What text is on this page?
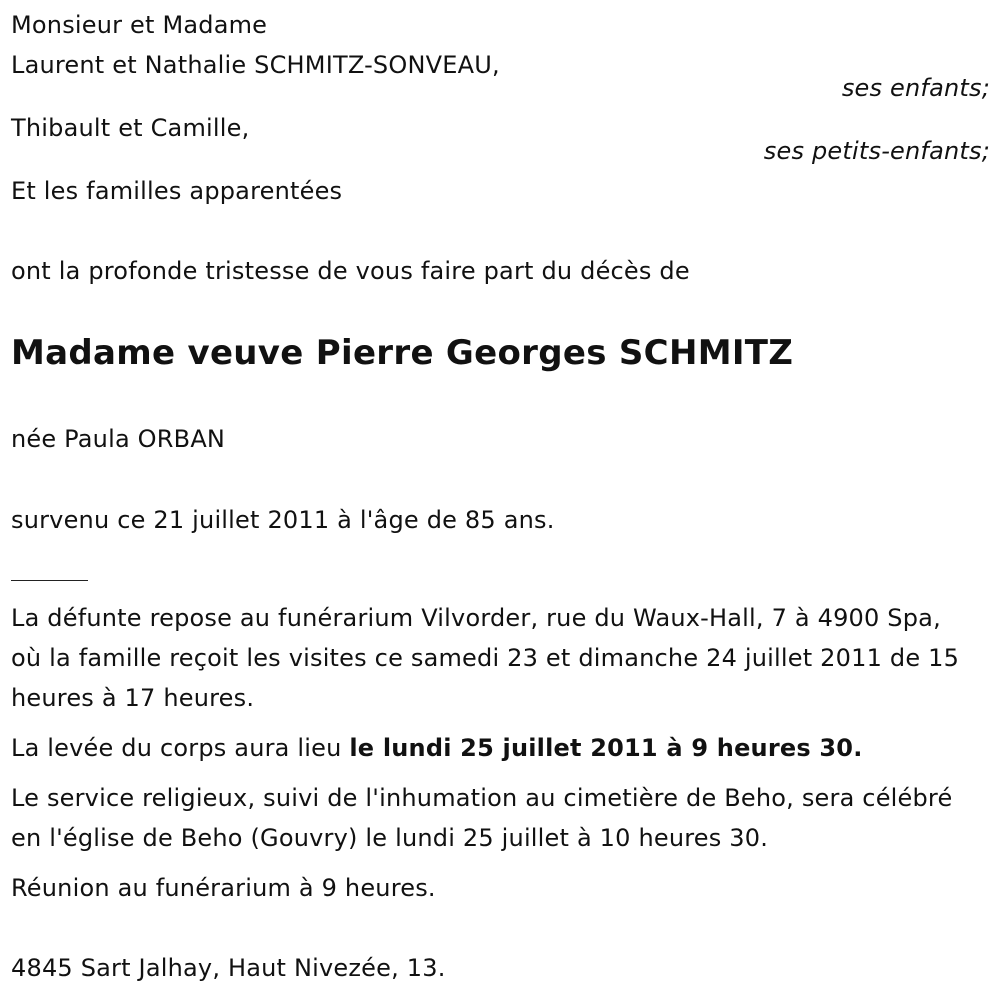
Monsieur et Madame
Laurent et Nathalie SCHMITZ-SONVEAU,
ses enfants;
Thibault et Camille,
ses petits-enfants;
Et les familles apparentées
ont la profonde tristesse de vous faire part du décès de
Madame veuve Pierre Georges SCHMITZ
née Paula ORBAN
survenu ce 21 juillet 2011 à l'âge de 85 ans.
La défunte repose au funérarium Vilvorder, rue du Waux-Hall, 7 à 4900 Spa, où la famille reçoit les visites ce samedi 23 et dimanche 24 juillet 2011 de 15 heures à 17 heures.
La levée du corps aura lieu le lundi 25 juillet 2011 à 9 heures 30.
Le service religieux, suivi de l'inhumation au cimetière de Beho, sera célébré en l'église de Beho (Gouvry) le lundi 25 juillet à 10 heures 30.
Réunion au funérarium à 9 heures.
4845 Sart Jalhay, Haut Nivezée, 13.
